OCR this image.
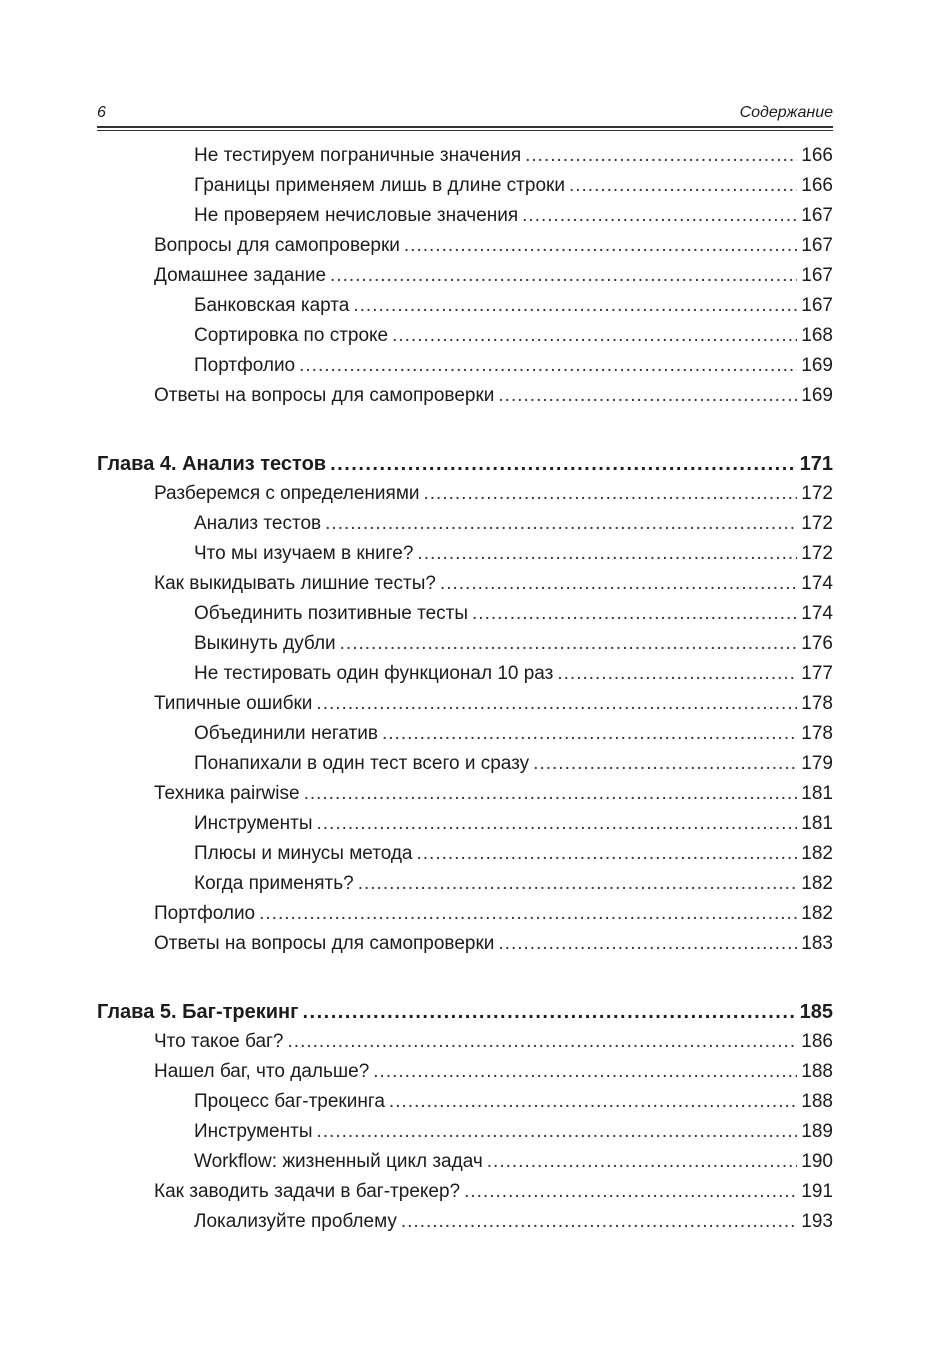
6	Содержание
Не тестируем пограничные значения .....	166
Границы применяем лишь в длине строки .....	166
Не проверяем нечисловые значения .....	167
Вопросы для самопроверки .....	167
Домашнее задание .....	167
Банковская карта .....	167
Сортировка по строке .....	168
Портфолио .....	169
Ответы на вопросы для самопроверки .....	169
Глава 4. Анализ тестов .....	171
Разберемся с определениями .....	172
Анализ тестов .....	172
Что мы изучаем в книге? .....	172
Как выкидывать лишние тесты? .....	174
Объединить позитивные тесты .....	174
Выкинуть дубли .....	176
Не тестировать один функционал 10 раз .....	177
Типичные ошибки .....	178
Объединили негатив .....	178
Понапихали в один тест всего и сразу .....	179
Техника pairwise .....	181
Инструменты .....	181
Плюсы и минусы метода .....	182
Когда применять? .....	182
Портфолио .....	182
Ответы на вопросы для самопроверки .....	183
Глава 5. Баг-трекинг .....	185
Что такое баг? .....	186
Нашел баг, что дальше? .....	188
Процесс баг-трекинга .....	188
Инструменты .....	189
Workflow: жизненный цикл задач .....	190
Как заводить задачи в баг-трекер? .....	191
Локализуйте проблему .....	193
